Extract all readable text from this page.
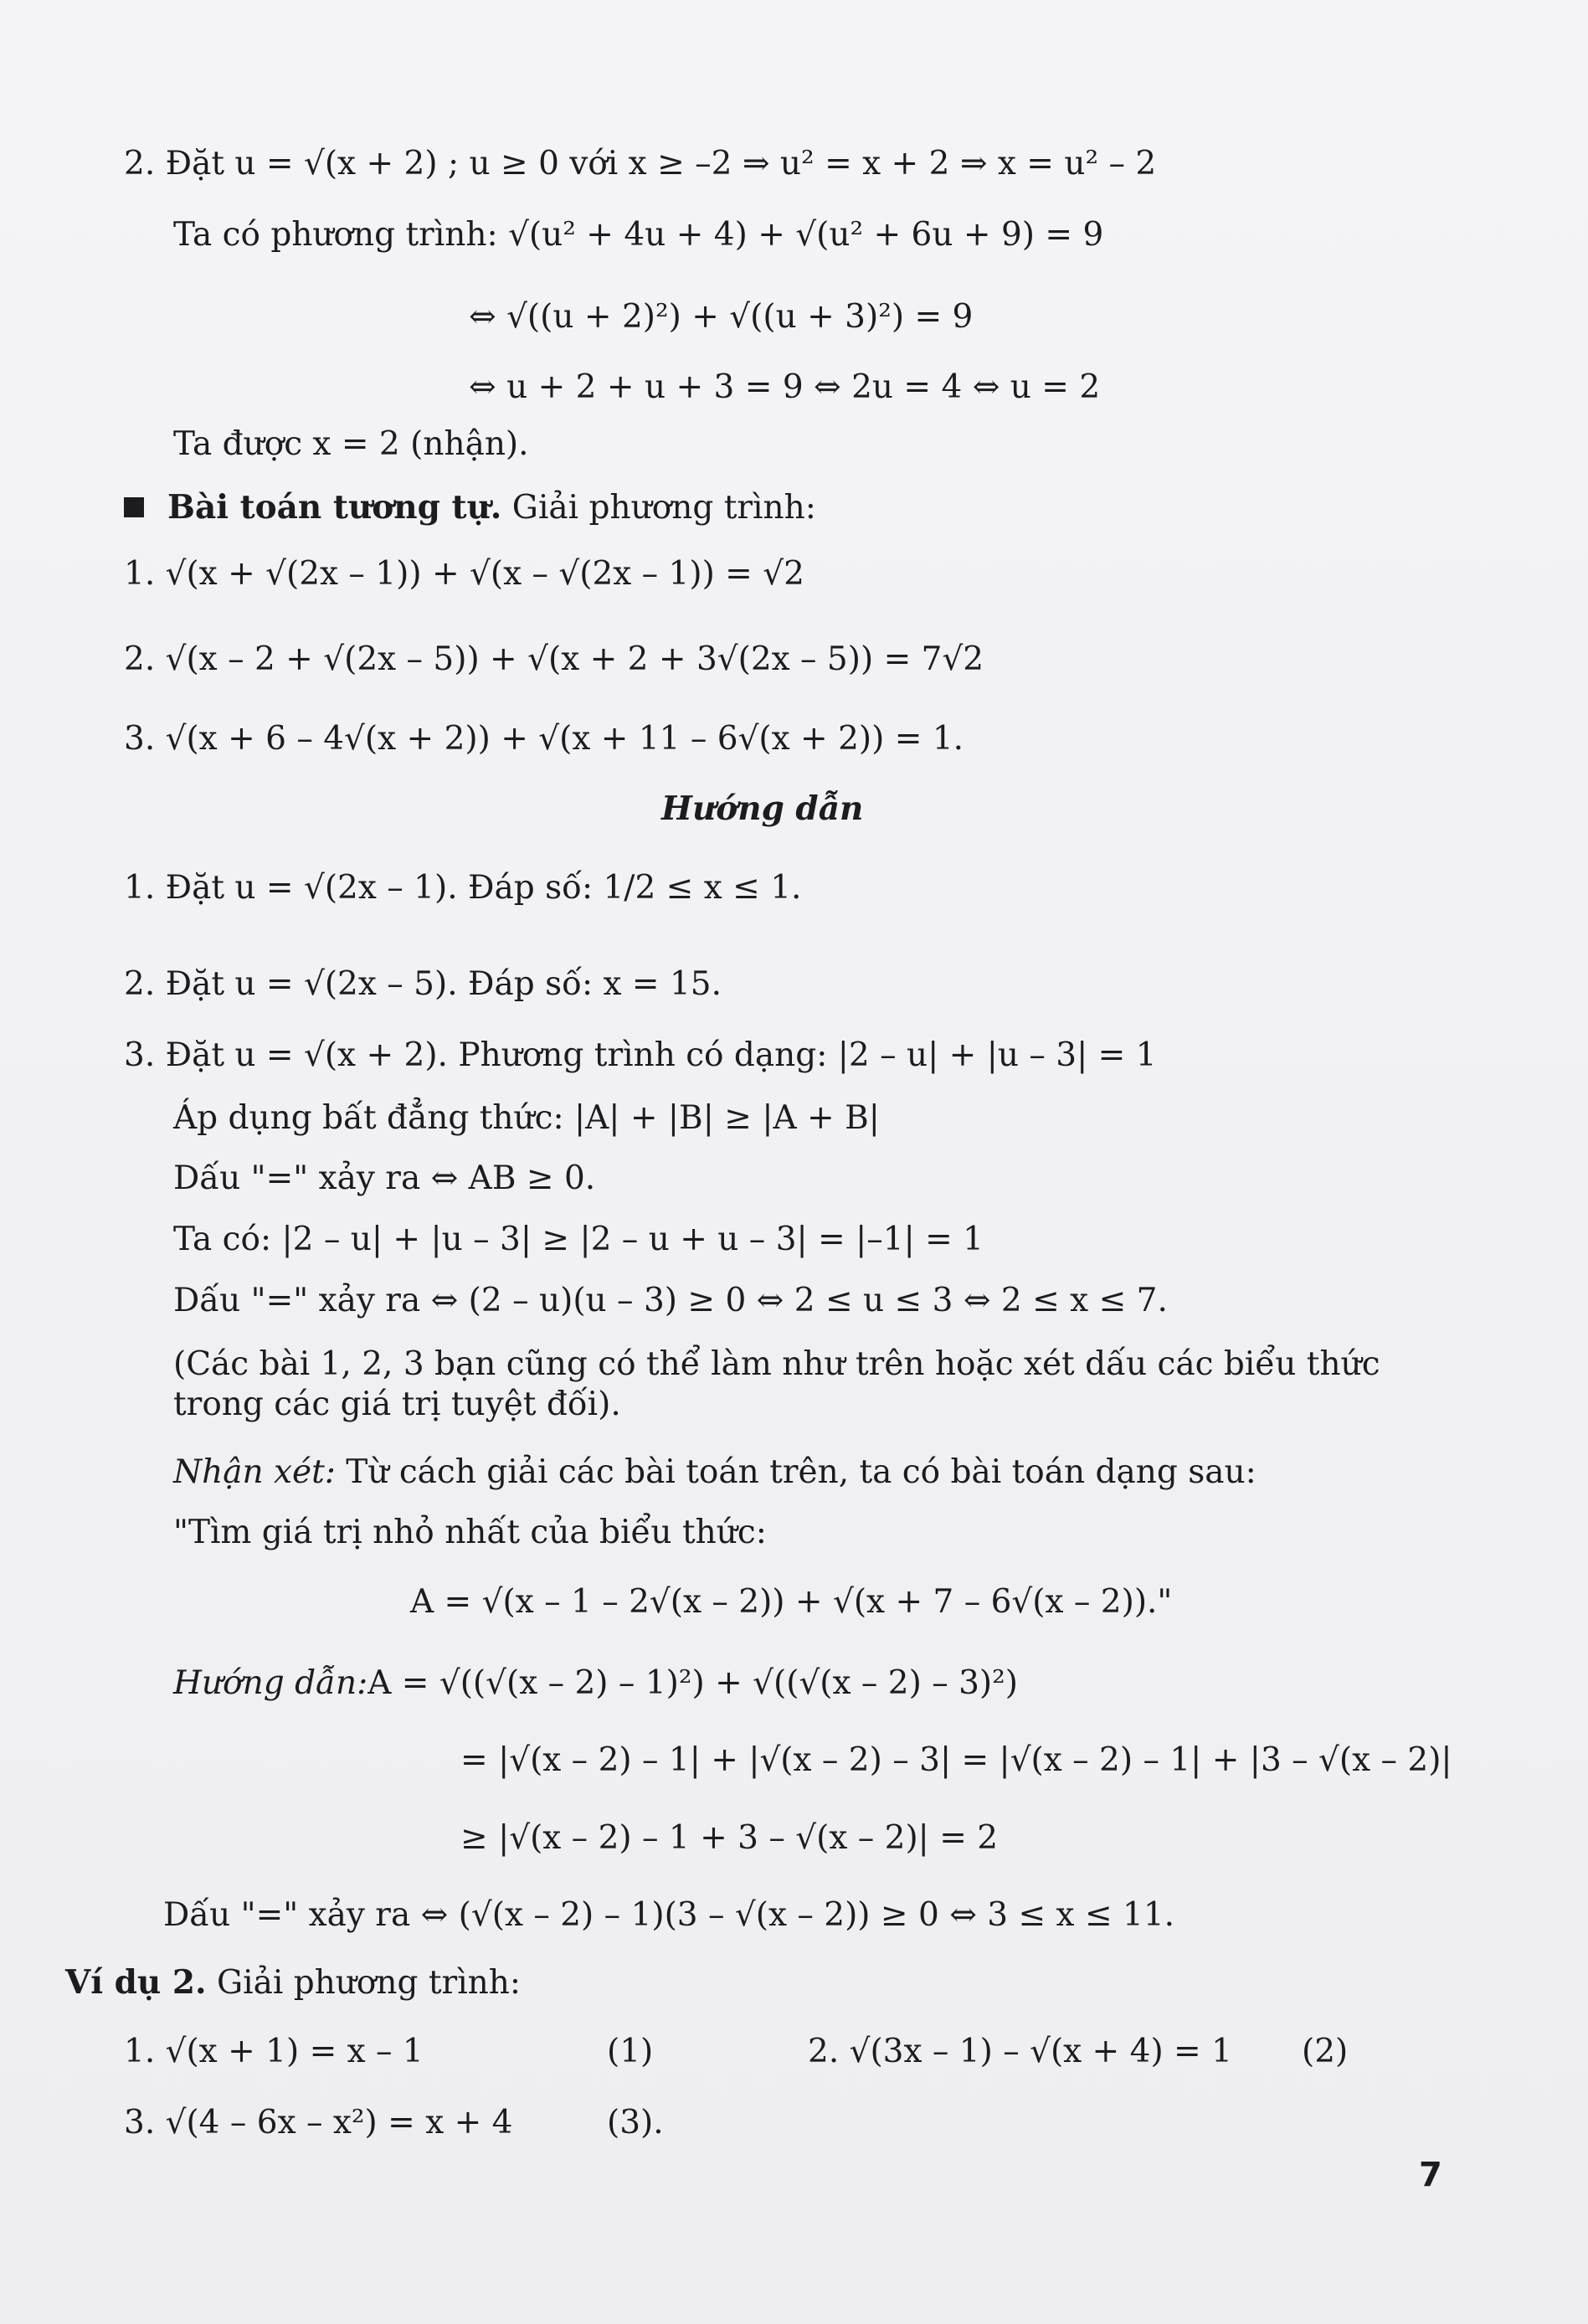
2. Đặt u = √(x + 2) ; u ≥ 0 với x ≥ –2 ⇒ u² = x + 2 ⇒ x = u² – 2
Ta có phương trình: √(u² + 4u + 4) + √(u² + 6u + 9) = 9
⇔ √((u + 2)²) + √((u + 3)²) = 9
⇔ u + 2 + u + 3 = 9 ⇔ 2u = 4 ⇔ u = 2
Ta được x = 2 (nhận).
Bài toán tương tự. Giải phương trình:
1. √(x + √(2x – 1)) + √(x – √(2x – 1)) = √2
2. √(x – 2 + √(2x – 5)) + √(x + 2 + 3√(2x – 5)) = 7√2
3. √(x + 6 – 4√(x + 2)) + √(x + 11 – 6√(x + 2)) = 1.
Hướng dẫn
1. Đặt u = √(2x – 1). Đáp số: 1/2 ≤ x ≤ 1.
2. Đặt u = √(2x – 5). Đáp số: x = 15.
3. Đặt u = √(x + 2). Phương trình có dạng: |2 – u| + |u – 3| = 1
Áp dụng bất đẳng thức: |A| + |B| ≥ |A + B|
Dấu "=" xảy ra ⇔ AB ≥ 0.
Ta có: |2 – u| + |u – 3| ≥ |2 – u + u – 3| = |–1| = 1
Dấu "=" xảy ra ⇔ (2 – u)(u – 3) ≥ 0 ⇔ 2 ≤ u ≤ 3 ⇔ 2 ≤ x ≤ 7.
(Các bài 1, 2, 3 bạn cũng có thể làm như trên hoặc xét dấu các biểu thức
trong các giá trị tuyệt đối).
Nhận xét: Từ cách giải các bài toán trên, ta có bài toán dạng sau:
"Tìm giá trị nhỏ nhất của biểu thức:
A = √(x – 1 – 2√(x – 2)) + √(x + 7 – 6√(x – 2))."
Hướng dẫn:A = √((√(x – 2) – 1)²) + √((√(x – 2) – 3)²)
= |√(x – 2) – 1| + |√(x – 2) – 3| = |√(x – 2) – 1| + |3 – √(x – 2)|
≥ |√(x – 2) – 1 + 3 – √(x – 2)| = 2
Dấu "=" xảy ra ⇔ (√(x – 2) – 1)(3 – √(x – 2)) ≥ 0 ⇔ 3 ≤ x ≤ 11.
Ví dụ 2. Giải phương trình:
1. √(x + 1) = x – 1	(1)	2. √(3x – 1) – √(x + 4) = 1 (2)
3. √(4 – 6x – x²) = x + 4	(3).
7
